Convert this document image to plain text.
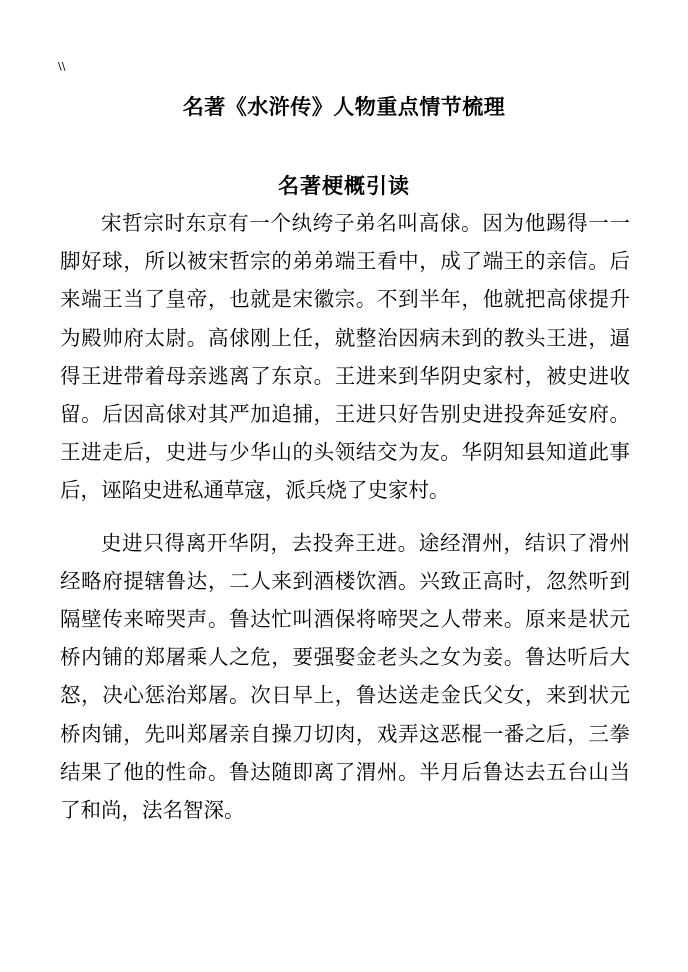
\\
名著《水浒传》人物重点情节梳理
名著梗概引读

宋哲宗时东京有一个纨绔子弟名叫高俅。因为他踢得一一脚好球，所以被宋哲宗的弟弟端王看中，成了端王的亲信。后来端王当了皇帝，也就是宋徽宗。不到半年，他就把高俅提升为殿帅府太尉。高俅刚上任，就整治因病未到的教头王进，逼得王进带着母亲逃离了东京。王进来到华阴史家村，被史进收留。后因高俅对其严加追捕，王进只好告别史进投奔延安府。王进走后，史进与少华山的头领结交为友。华阴知县知道此事后，诬陷史进私通草寇，派兵烧了史家村。

史进只得离开华阴，去投奔王进。途经渭州，结识了滑州经略府提辖鲁达，二人来到酒楼饮酒。兴致正高时，忽然听到隔壁传来啼哭声。鲁达忙叫酒保将啼哭之人带来。原来是状元桥内铺的郑屠乘人之危，要强娶金老头之女为妾。鲁达听后大怒，决心惩治郑屠。次日早上，鲁达送走金氏父女，来到状元桥肉铺，先叫郑屠亲自操刀切肉，戏弄这恶棍一番之后，三拳结果了他的性命。鲁达随即离了渭州。半月后鲁达去五台山当了和尚，法名智深。
